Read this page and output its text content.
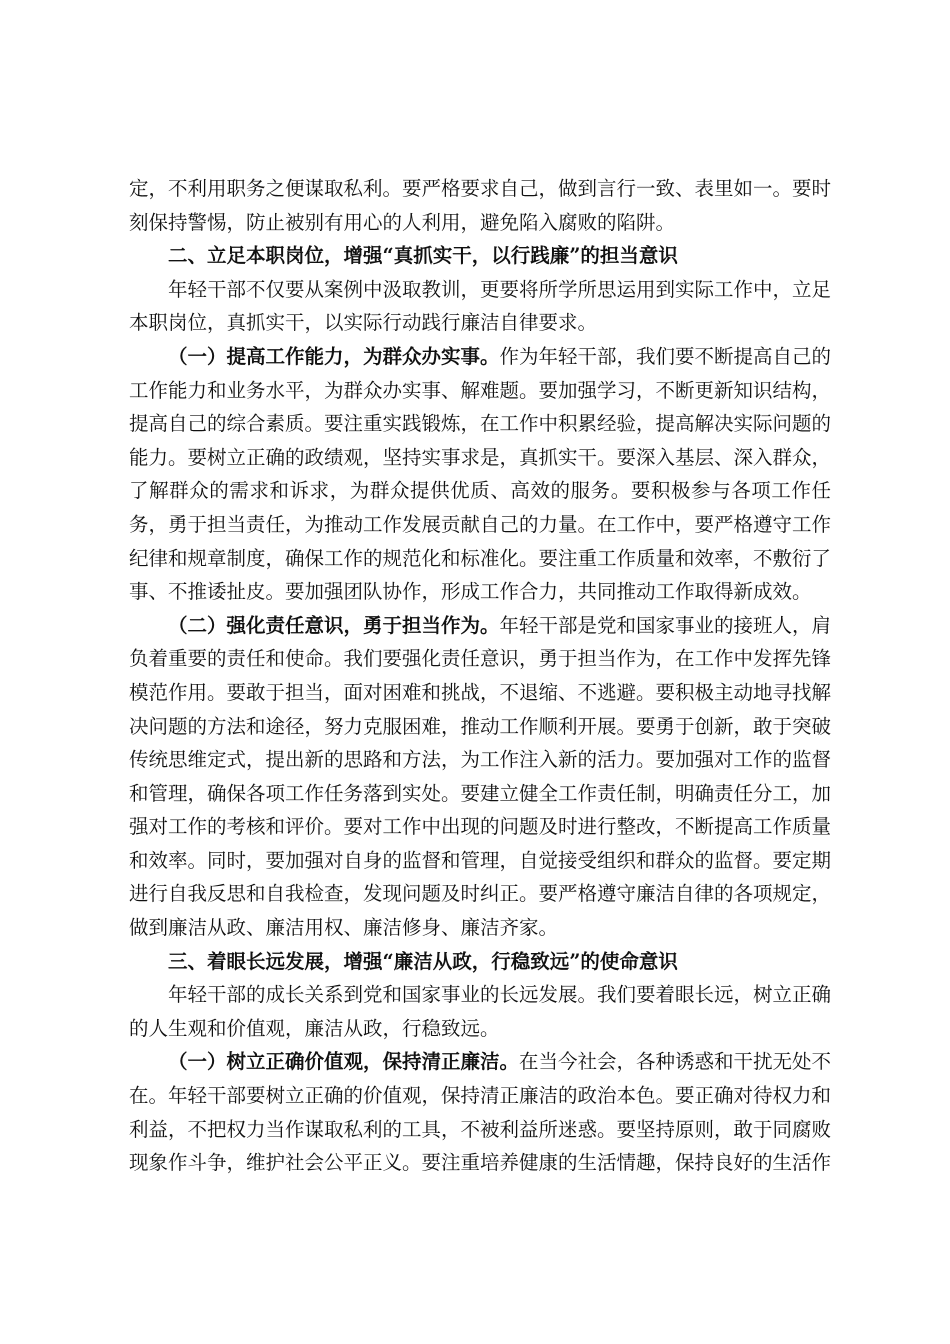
定，不利用职务之便谋取私利。要严格要求自己，做到言行一致、表里如一。要时
刻保持警惕，防止被别有用心的人利用，避免陷入腐败的陷阱。
二、立足本职岗位，增强“真抓实干，以行践廉”的担当意识
年轻干部不仅要从案例中汲取教训，更要将所学所思运用到实际工作中，立足
本职岗位，真抓实干，以实际行动践行廉洁自律要求。
（一）提高工作能力，为群众办实事。作为年轻干部，我们要不断提高自己的
工作能力和业务水平，为群众办实事、解难题。要加强学习，不断更新知识结构，
提高自己的综合素质。要注重实践锻炼，在工作中积累经验，提高解决实际问题的
能力。要树立正确的政绩观，坚持实事求是，真抓实干。要深入基层、深入群众，
了解群众的需求和诉求，为群众提供优质、高效的服务。要积极参与各项工作任
务，勇于担当责任，为推动工作发展贡献自己的力量。在工作中，要严格遵守工作
纪律和规章制度，确保工作的规范化和标准化。要注重工作质量和效率，不敷衍了
事、不推诿扯皮。要加强团队协作，形成工作合力，共同推动工作取得新成效。
（二）强化责任意识，勇于担当作为。年轻干部是党和国家事业的接班人，肩
负着重要的责任和使命。我们要强化责任意识，勇于担当作为，在工作中发挥先锋
模范作用。要敢于担当，面对困难和挑战，不退缩、不逃避。要积极主动地寻找解
决问题的方法和途径，努力克服困难，推动工作顺利开展。要勇于创新，敢于突破
传统思维定式，提出新的思路和方法，为工作注入新的活力。要加强对工作的监督
和管理，确保各项工作任务落到实处。要建立健全工作责任制，明确责任分工，加
强对工作的考核和评价。要对工作中出现的问题及时进行整改，不断提高工作质量
和效率。同时，要加强对自身的监督和管理，自觉接受组织和群众的监督。要定期
进行自我反思和自我检查，发现问题及时纠正。要严格遵守廉洁自律的各项规定，
做到廉洁从政、廉洁用权、廉洁修身、廉洁齐家。
三、着眼长远发展，增强“廉洁从政，行稳致远”的使命意识
年轻干部的成长关系到党和国家事业的长远发展。我们要着眼长远，树立正确
的人生观和价值观，廉洁从政，行稳致远。
（一）树立正确价值观，保持清正廉洁。在当今社会，各种诱惑和干扰无处不
在。年轻干部要树立正确的价值观，保持清正廉洁的政治本色。要正确对待权力和
利益，不把权力当作谋取私利的工具，不被利益所迷惑。要坚持原则，敢于同腐败
现象作斗争，维护社会公平正义。要注重培养健康的生活情趣，保持良好的生活作
